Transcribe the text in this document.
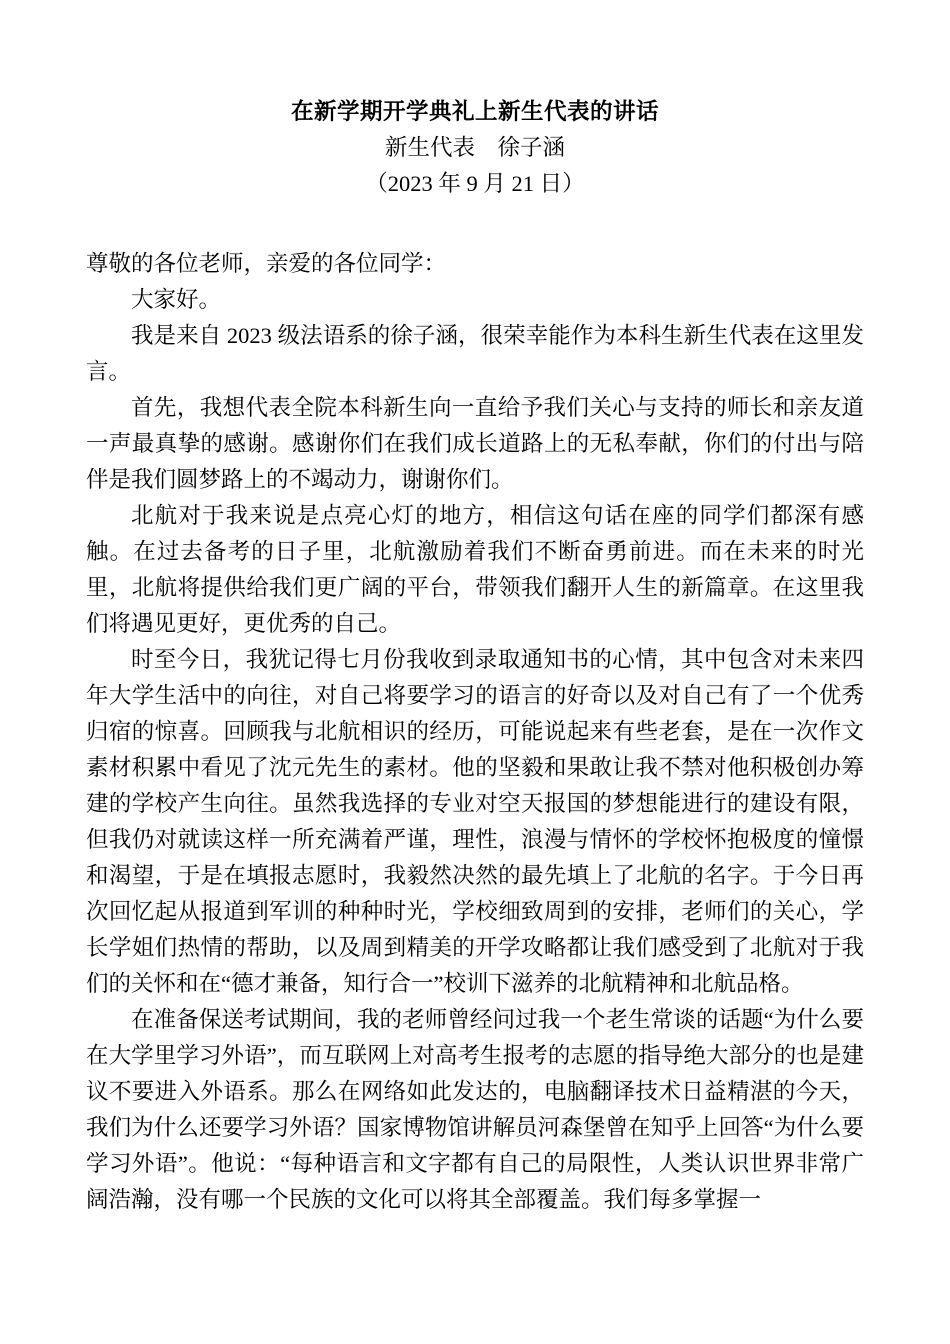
在新学期开学典礼上新生代表的讲话
新生代表　徐子涵
（2023 年 9 月 21 日）

尊敬的各位老师，亲爱的各位同学：

大家好。

我是来自 2023 级法语系的徐子涵，很荣幸能作为本科生新生代表在这里发言。

首先，我想代表全院本科新生向一直给予我们关心与支持的师长和亲友道一声最真挚的感谢。感谢你们在我们成长道路上的无私奉献，你们的付出与陪伴是我们圆梦路上的不竭动力，谢谢你们。

北航对于我来说是点亮心灯的地方，相信这句话在座的同学们都深有感触。在过去备考的日子里，北航激励着我们不断奋勇前进。而在未来的时光里，北航将提供给我们更广阔的平台，带领我们翻开人生的新篇章。在这里我们将遇见更好，更优秀的自己。

时至今日，我犹记得七月份我收到录取通知书的心情，其中包含对未来四年大学生活中的向往，对自己将要学习的语言的好奇以及对自己有了一个优秀归宿的惊喜。回顾我与北航相识的经历，可能说起来有些老套，是在一次作文素材积累中看见了沈元先生的素材。他的坚毅和果敢让我不禁对他积极创办筹建的学校产生向往。虽然我选择的专业对空天报国的梦想能进行的建设有限，但我仍对就读这样一所充满着严谨，理性，浪漫与情怀的学校怀抱极度的憧憬和渴望，于是在填报志愿时，我毅然决然的最先填上了北航的名字。于今日再次回忆起从报道到军训的种种时光，学校细致周到的安排，老师们的关心，学长学姐们热情的帮助，以及周到精美的开学攻略都让我们感受到了北航对于我们的关怀和在“德才兼备，知行合一”校训下滋养的北航精神和北航品格。

在准备保送考试期间，我的老师曾经问过我一个老生常谈的话题“为什么要在大学里学习外语”，而互联网上对高考生报考的志愿的指导绝大部分的也是建议不要进入外语系。那么在网络如此发达的，电脑翻译技术日益精湛的今天，我们为什么还要学习外语？国家博物馆讲解员河森堡曾在知乎上回答“为什么要学习外语”。他说：“每种语言和文字都有自己的局限性，人类认识世界非常广阔浩瀚，没有哪一个民族的文化可以将其全部覆盖。我们每多掌握一
